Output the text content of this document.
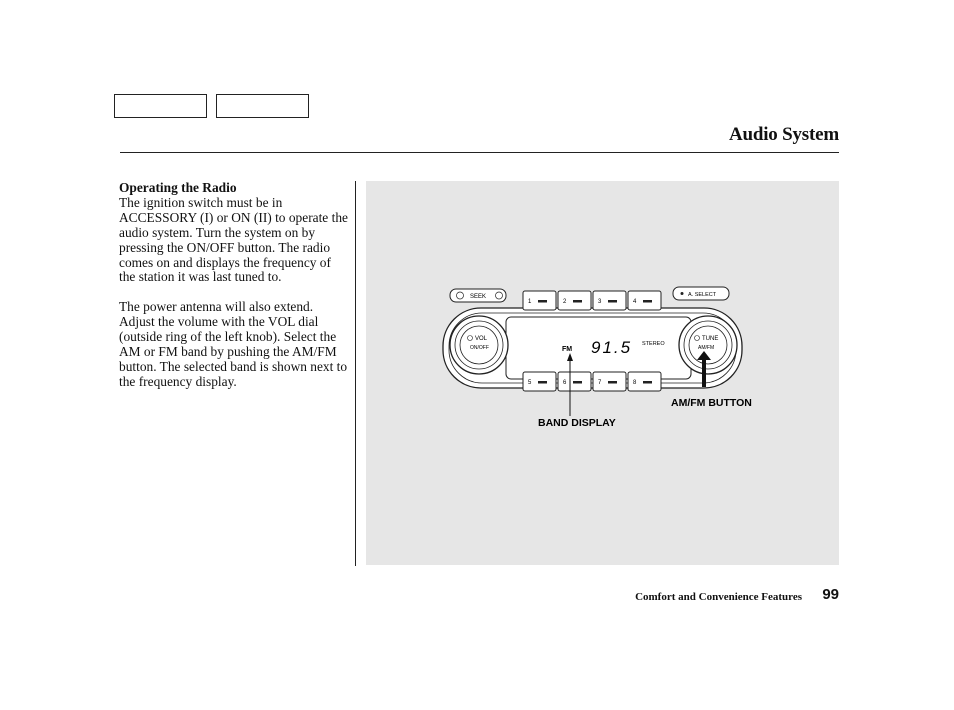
Audio System
Operating the Radio

The ignition switch must be in ACCESSORY (I) or ON (II) to operate the audio system. Turn the system on by pressing the ON/OFF button. The radio comes on and displays the frequency of the station it was last tuned to.

The power antenna will also extend. Adjust the volume with the VOL dial (outside ring of the left knob). Select the AM or FM band by pushing the AM/FM button. The selected band is shown next to the frequency display.

FM 91.5 STEREO
VOL
ON/OFF
TUNE
AM/FM
SEEK	A. SELECT
1	2	3	4
5	6	7	8
AM/FM BUTTON
BAND DISPLAY
Comfort and Convenience Features 99
